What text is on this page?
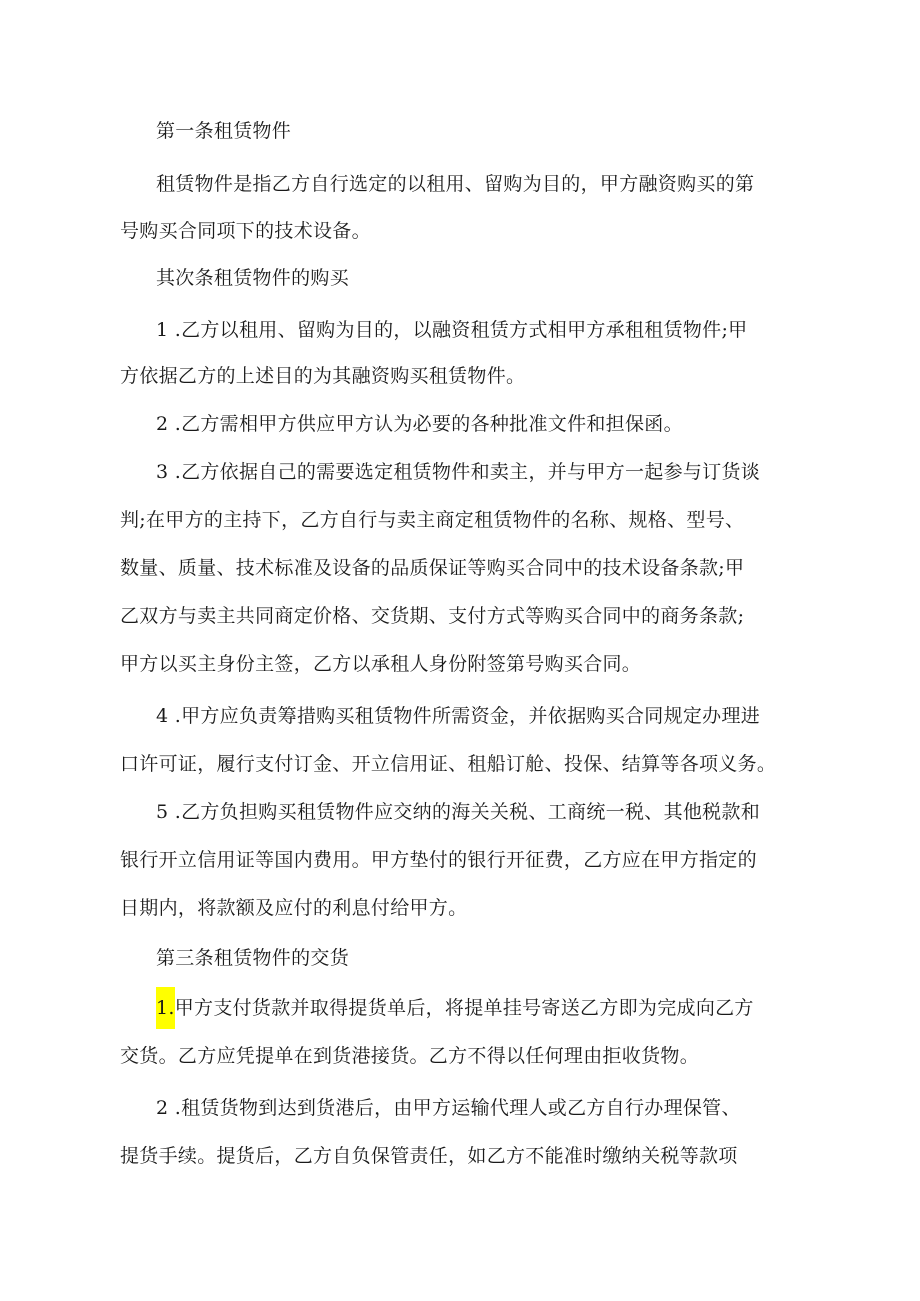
第一条租赁物件
租赁物件是指乙方自行选定的以租用、留购为目的，甲方融资购买的第
号购买合同项下的技术设备。
其次条租赁物件的购买
1 .乙方以租用、留购为目的，以融资租赁方式相甲方承租租赁物件;甲
方依据乙方的上述目的为其融资购买租赁物件。
2 .乙方需相甲方供应甲方认为必要的各种批准文件和担保函。
3 .乙方依据自己的需要选定租赁物件和卖主，并与甲方一起参与订货谈
判;在甲方的主持下，乙方自行与卖主商定租赁物件的名称、规格、型号、
数量、质量、技术标准及设备的品质保证等购买合同中的技术设备条款;甲
乙双方与卖主共同商定价格、交货期、支付方式等购买合同中的商务条款;
甲方以买主身份主签，乙方以承租人身份附签第号购买合同。
4 .甲方应负责筹措购买租赁物件所需资金，并依据购买合同规定办理进
口许可证，履行支付订金、开立信用证、租船订舱、投保、结算等各项义务。
5 .乙方负担购买租赁物件应交纳的海关关税、工商统一税、其他税款和
银行开立信用证等国内费用。甲方垫付的银行开征费，乙方应在甲方指定的
日期内，将款额及应付的利息付给甲方。
第三条租赁物件的交货
1.甲方支付货款并取得提货单后，将提单挂号寄送乙方即为完成向乙方
交货。乙方应凭提单在到货港接货。乙方不得以任何理由拒收货物。
2 .租赁货物到达到货港后，由甲方运输代理人或乙方自行办理保管、
提货手续。提货后，乙方自负保管责任，如乙方不能准时缴纳关税等款项
